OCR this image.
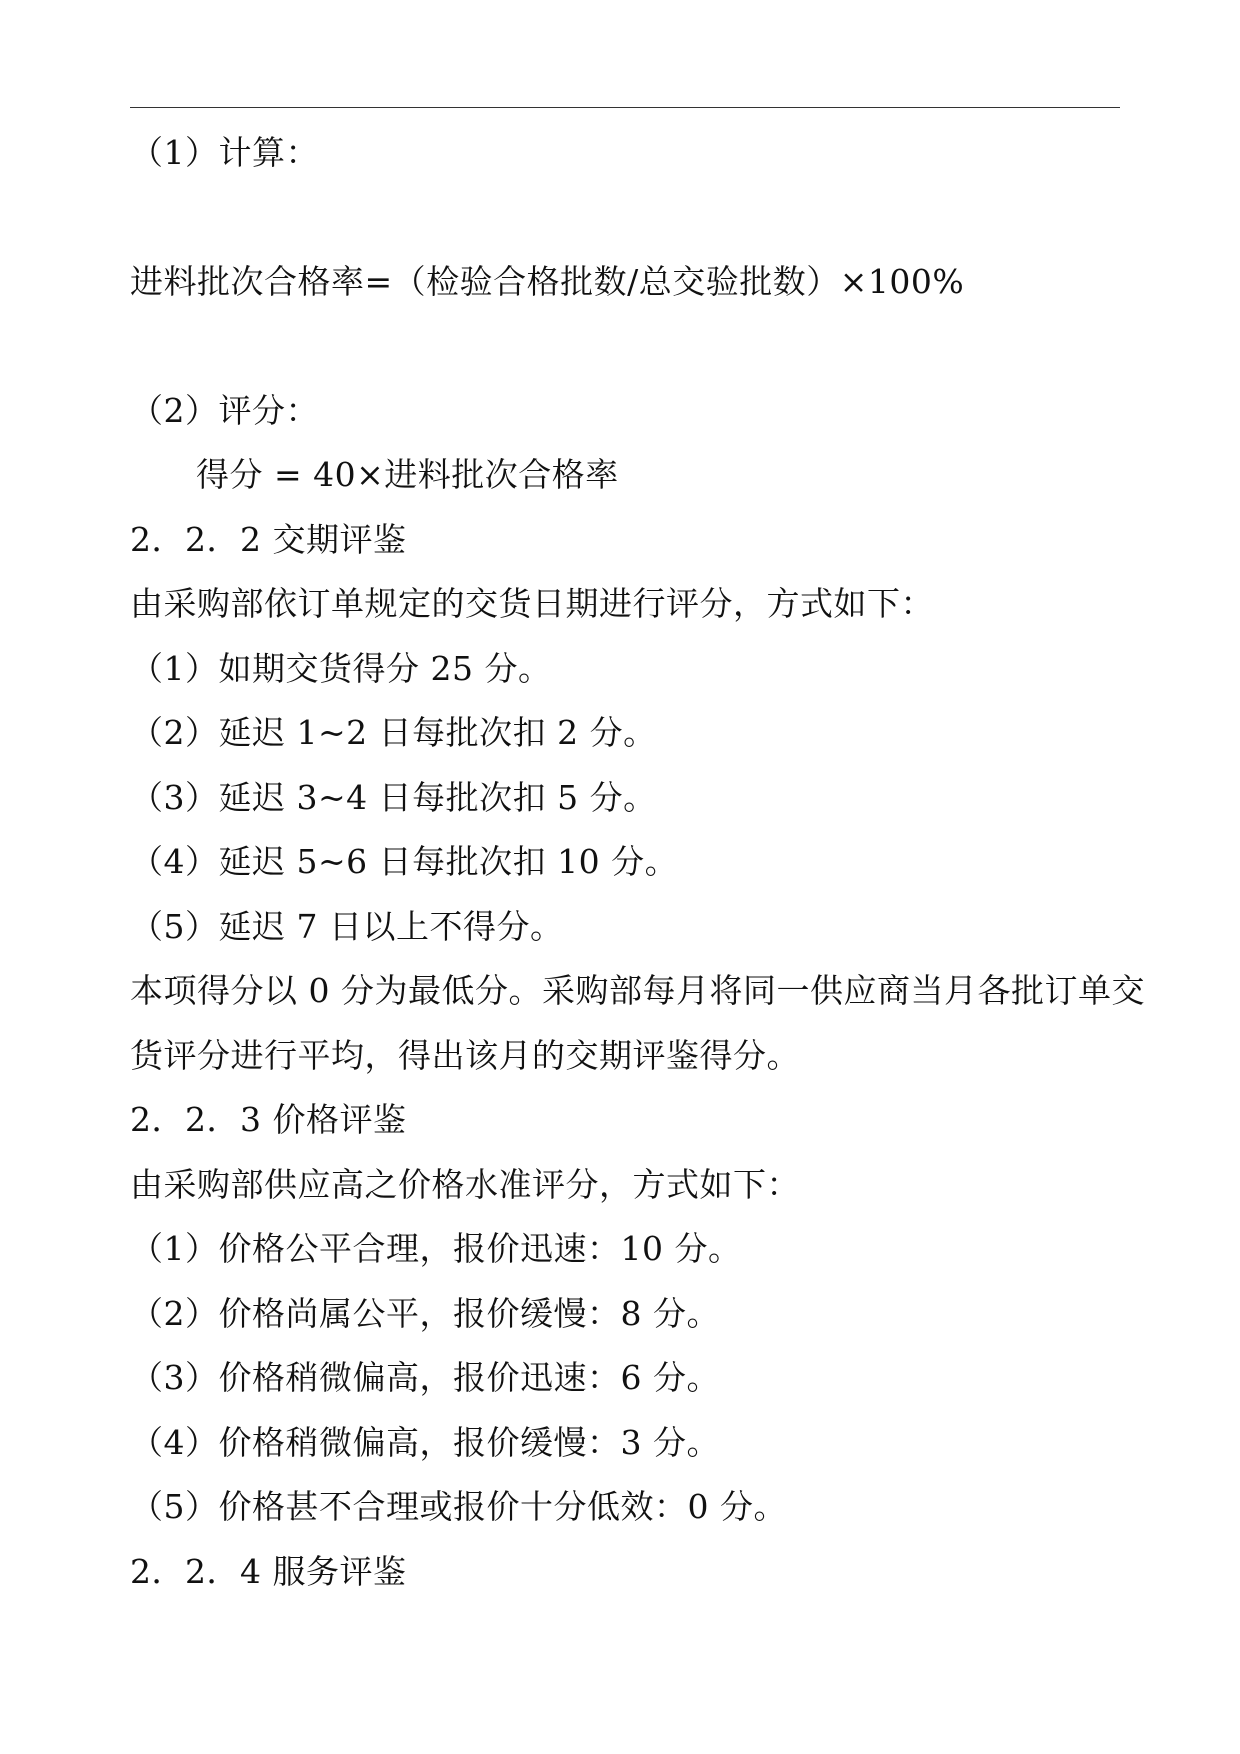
（1）计算：
进料批次合格率=（检验合格批数/总交验批数）×100%
（2）评分：
得分 = 40×进料批次合格率
2．2．2 交期评鉴
由采购部依订单规定的交货日期进行评分，方式如下：
（1）如期交货得分 25 分。
（2）延迟 1~2 日每批次扣 2 分。
（3）延迟 3~4 日每批次扣 5 分。
（4）延迟 5~6 日每批次扣 10 分。
（5）延迟 7 日以上不得分。
本项得分以 0 分为最低分。采购部每月将同一供应商当月各批订单交
货评分进行平均，得出该月的交期评鉴得分。
2．2．3 价格评鉴
由采购部供应高之价格水准评分，方式如下：
（1）价格公平合理，报价迅速：10 分。
（2）价格尚属公平，报价缓慢：8 分。
（3）价格稍微偏高，报价迅速：6 分。
（4）价格稍微偏高，报价缓慢：3 分。
（5）价格甚不合理或报价十分低效：0 分。
2．2．4 服务评鉴
